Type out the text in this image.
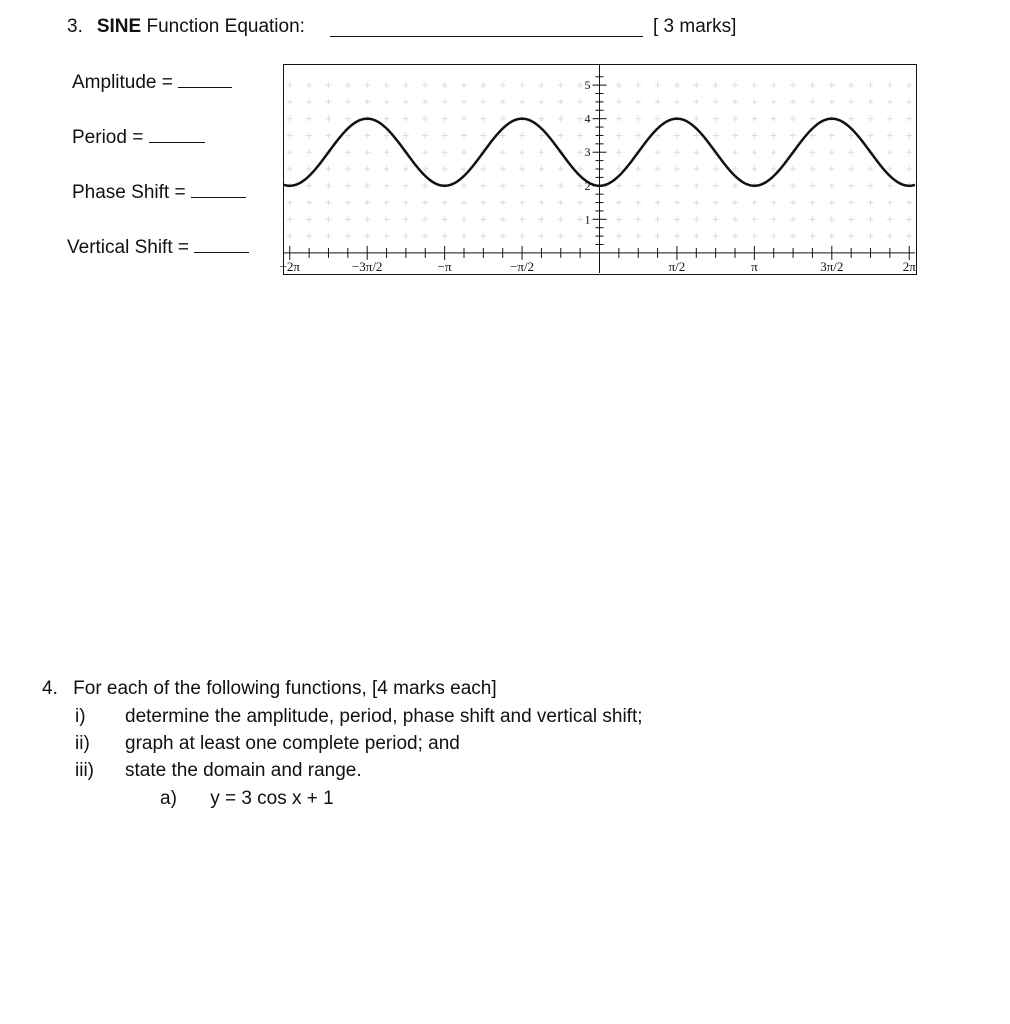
3. SINE Function Equation:	[ 3 marks]
Amplitude =
Period =
Phase Shift =
Vertical Shift =
−2π	−3π/2	−π	−π/2	π/2	π	3π/2	2π
1
2
3
4
5
4. For each of the following functions, [4 marks each]
i) determine the amplitude, period, phase shift and vertical shift;
ii) graph at least one complete period; and
iii) state the domain and range.
a) y = 3 cos x + 1
